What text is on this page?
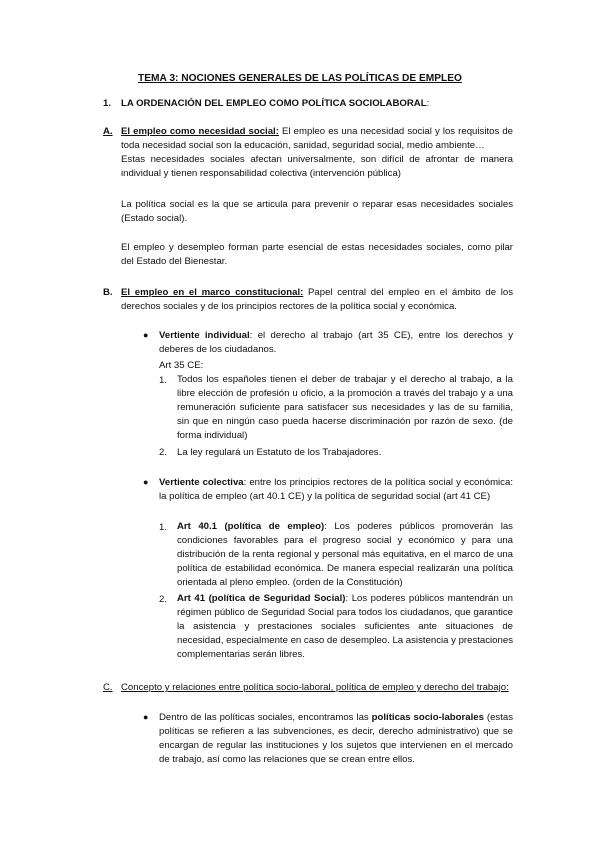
TEMA 3: NOCIONES GENERALES DE LAS POLÍTICAS DE EMPLEO
1. LA ORDENACIÓN DEL EMPLEO COMO POLÍTICA SOCIOLABORAL:
A. El empleo como necesidad social: El empleo es una necesidad social y los requisitos de toda necesidad social son la educación, sanidad, seguridad social, medio ambiente…
Estas necesidades sociales afectan universalmente, son difícil de afrontar de manera individual y tienen responsabilidad colectiva (intervención pública)
La política social es la que se articula para prevenir o reparar esas necesidades sociales (Estado social).
El empleo y desempleo forman parte esencial de estas necesidades sociales, como pilar del Estado del Bienestar.
B. El empleo en el marco constitucional: Papel central del empleo en el ámbito de los derechos sociales y de los principios rectores de la política social y económica.
● Vertiente individual: el derecho al trabajo (art 35 CE), entre los derechos y deberes de los ciudadanos.
Art 35 CE:
1. Todos los españoles tienen el deber de trabajar y el derecho al trabajo, a la libre elección de profesión u oficio, a la promoción a través del trabajo y a una remuneración suficiente para satisfacer sus necesidades y las de su familia, sin que en ningún caso pueda hacerse discriminación por razón de sexo. (de forma individual)
2. La ley regulará un Estatuto de los Trabajadores.
● Vertiente colectiva: entre los principios rectores de la política social y económica: la política de empleo (art 40.1 CE) y la política de seguridad social (art 41 CE)
1. Art 40.1 (política de empleo): Los poderes públicos promoverán las condiciones favorables para el progreso social y económico y para una distribución de la renta regional y personal más equitativa, en el marco de una política de estabilidad económica. De manera especial realizarán una política orientada al pleno empleo. (orden de la Constitución)
2. Art 41 (política de Seguridad Social): Los poderes públicos mantendrán un régimen público de Seguridad Social para todos los ciudadanos, que garantice la asistencia y prestaciones sociales suficientes ante situaciones de necesidad, especialmente en caso de desempleo. La asistencia y prestaciones complementarias serán libres.
C. Concepto y relaciones entre política socio-laboral, política de empleo y derecho del trabajo:
● Dentro de las políticas sociales, encontramos las políticas socio-laborales (estas políticas se refieren a las subvenciones, es decir, derecho administrativo) que se encargan de regular las instituciones y los sujetos que intervienen en el mercado de trabajo, así como las relaciones que se crean entre ellos.
